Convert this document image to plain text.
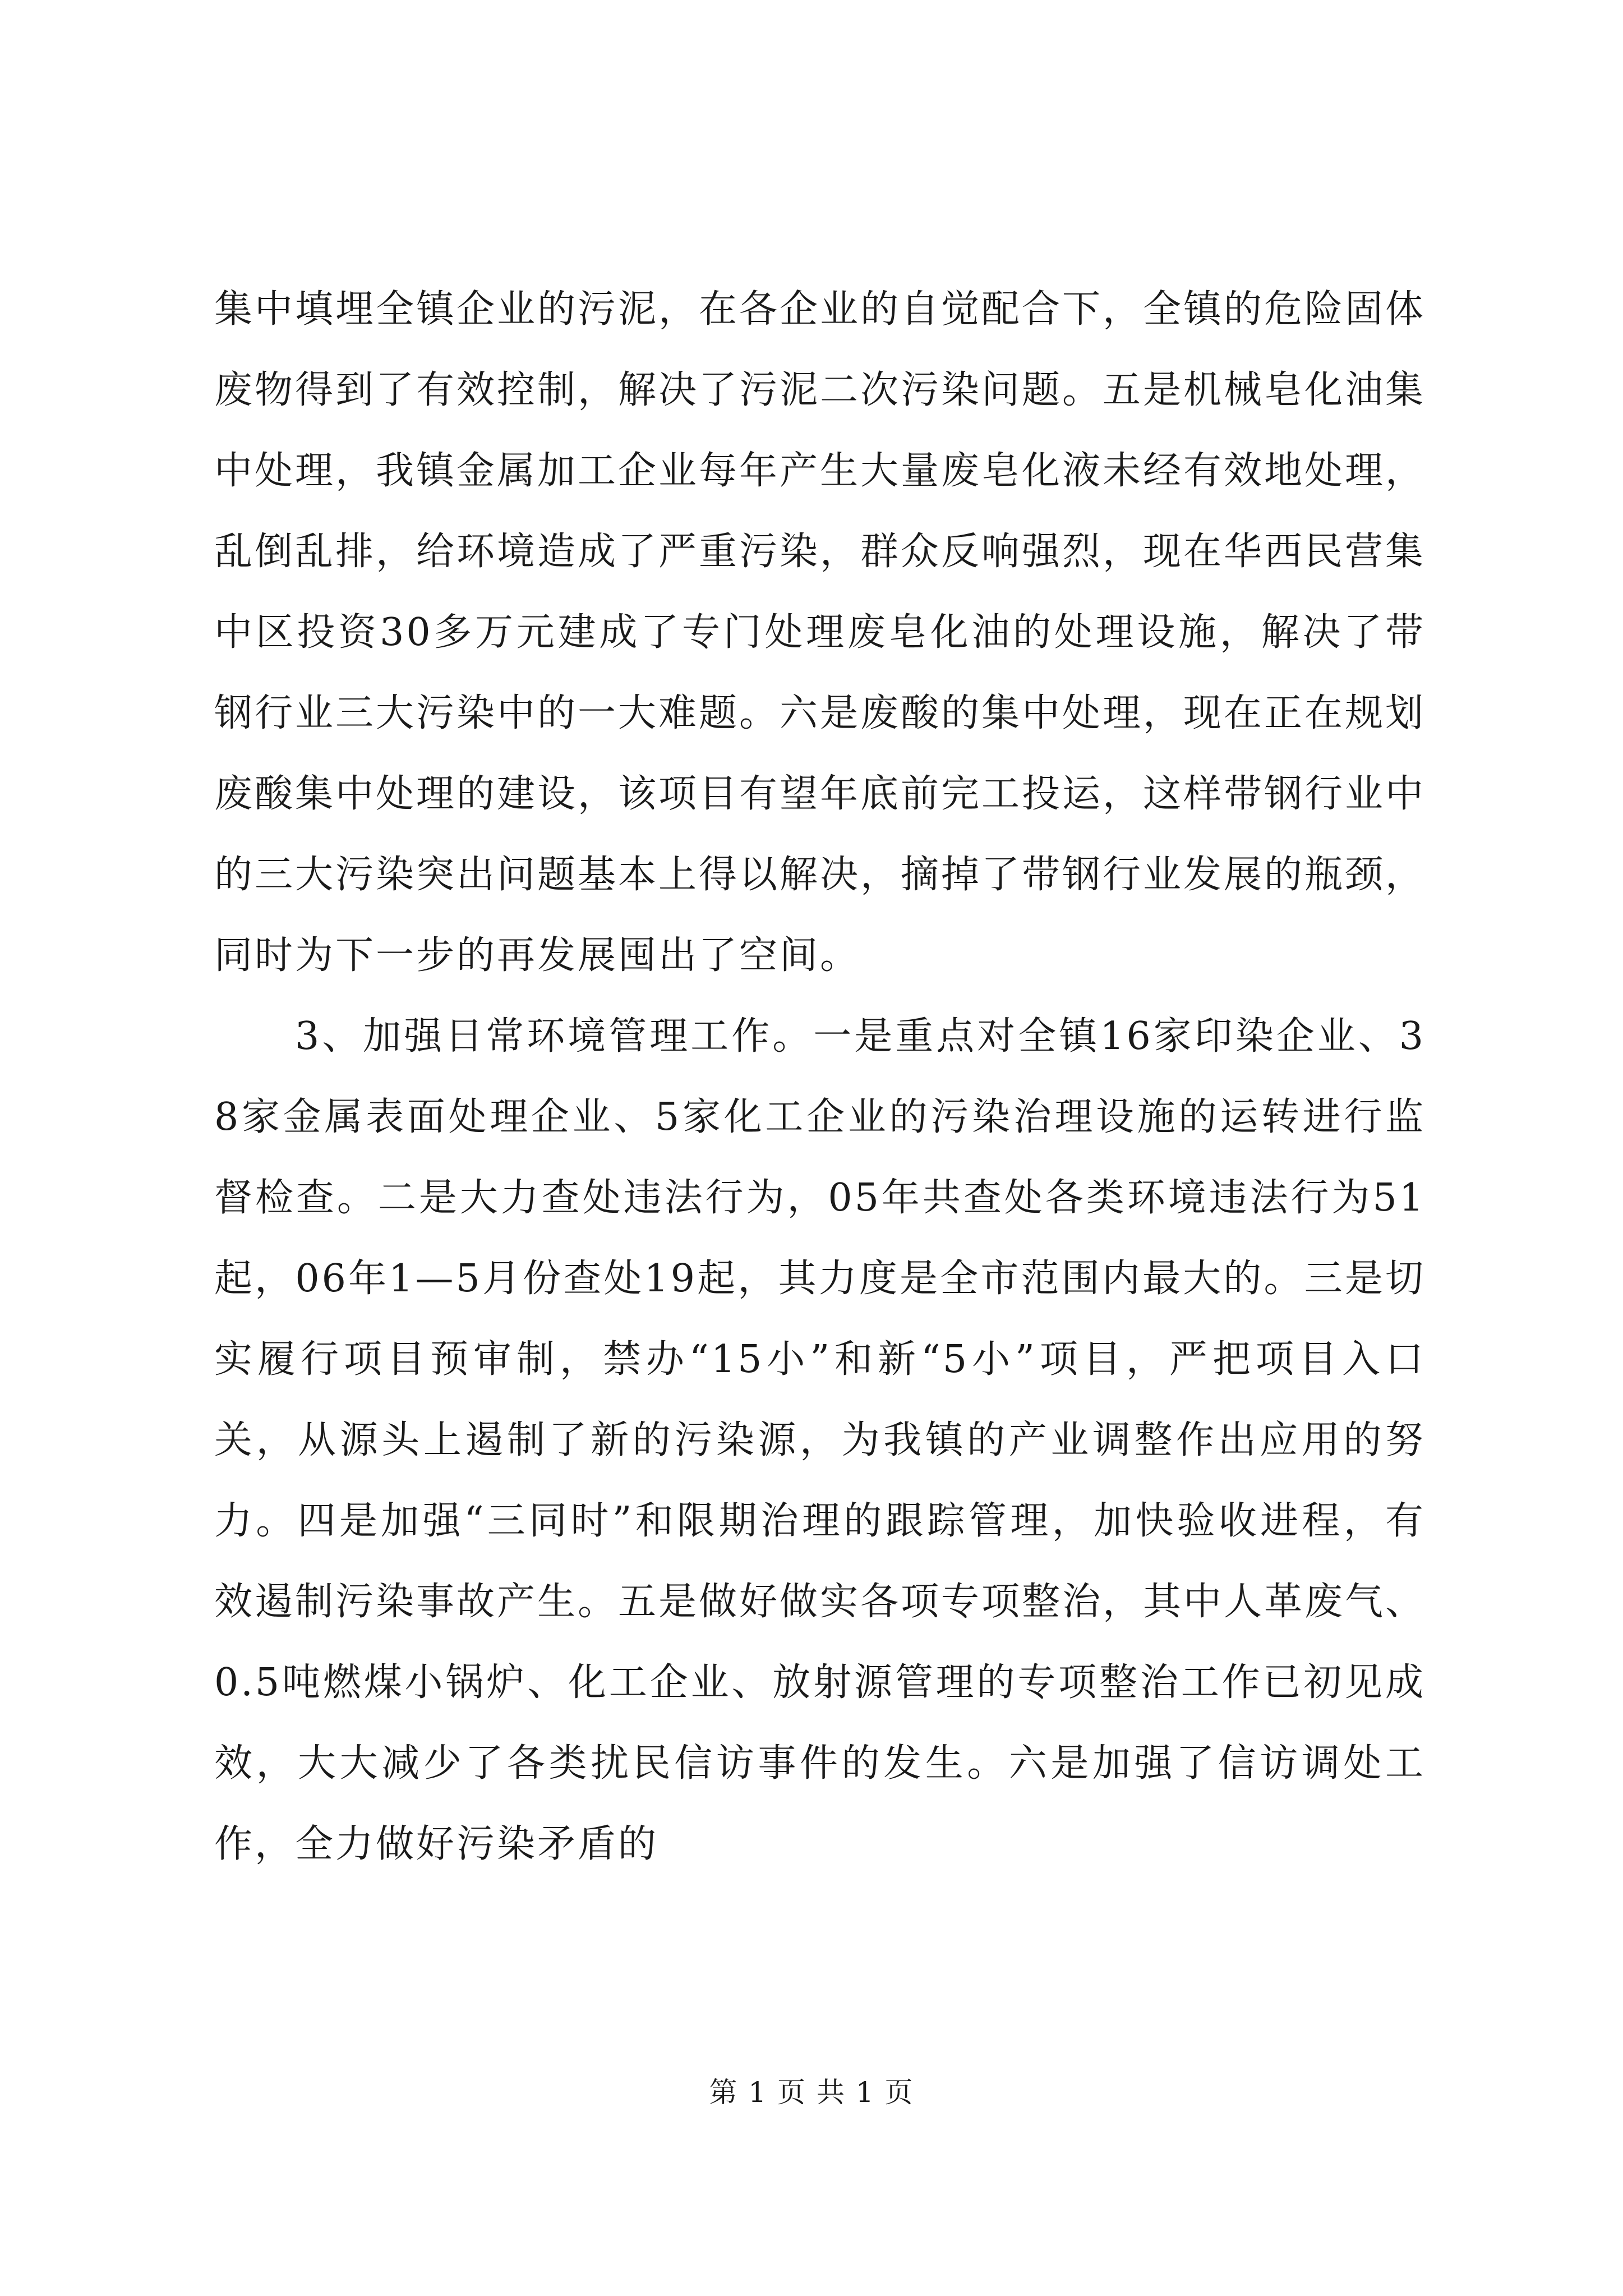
集中填埋全镇企业的污泥，在各企业的自觉配合下，全镇的危险固体废物得到了有效控制，解决了污泥二次污染问题。五是机械皂化油集中处理，我镇金属加工企业每年产生大量废皂化液未经有效地处理，乱倒乱排，给环境造成了严重污染，群众反响强烈，现在华西民营集中区投资30多万元建成了专门处理废皂化油的处理设施，解决了带钢行业三大污染中的一大难题。六是废酸的集中处理，现在正在规划废酸集中处理的建设，该项目有望年底前完工投运，这样带钢行业中的三大污染突出问题基本上得以解决，摘掉了带钢行业发展的瓶颈，同时为下一步的再发展囤出了空间。

3、加强日常环境管理工作。一是重点对全镇16家印染企业、38家金属表面处理企业、5家化工企业的污染治理设施的运转进行监督检查。二是大力查处违法行为，05年共查处各类环境违法行为51起，06年1—5月份查处19起，其力度是全市范围内最大的。三是切实履行项目预审制，禁办“15小”和新“5小”项目，严把项目入口关，从源头上遏制了新的污染源，为我镇的产业调整作出应用的努力。四是加强“三同时”和限期治理的跟踪管理，加快验收进程，有效遏制污染事故产生。五是做好做实各项专项整治，其中人革废气、0.5吨燃煤小锅炉、化工企业、放射源管理的专项整治工作已初见成效，大大减少了各类扰民信访事件的发生。六是加强了信访调处工作，全力做好污染矛盾的

第 1 页 共 1 页
